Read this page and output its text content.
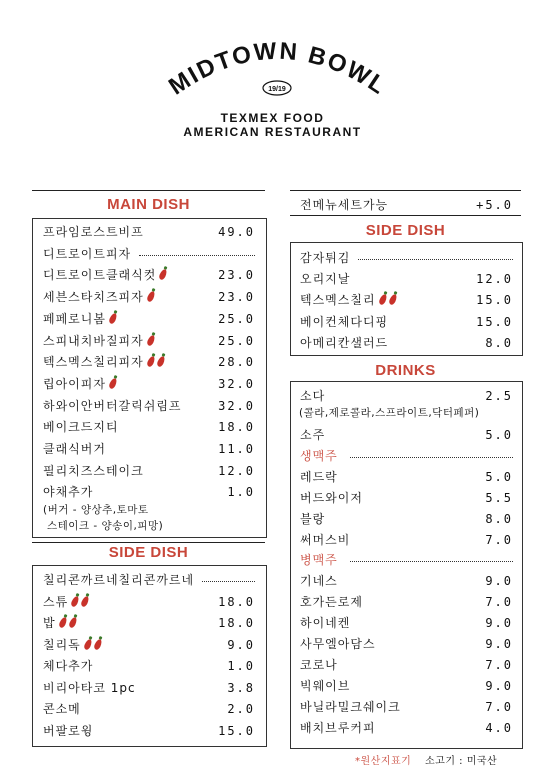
MIDTOWN BOWL
19/19
TEXMEX FOOD
AMERICAN RESTAURANT
MAIN DISH
프라임로스트비프	49.0
디트로이트피자
디트로이트클래식컷	23.0
세븐스타치즈피자	23.0
페페로니봄	25.0
스피내치바질피자	25.0
텍스멕스칠리피자	28.0
립아이피자	32.0
하와이안버터갈릭쉬림프	32.0
베이크드지티	18.0
클래식버거	11.0
필리치즈스테이크	12.0
야채추가	1.0
(버거 - 양상추,토마토
스테이크 - 양송이,피망)
SIDE DISH
칠리콘까르네칠리콘까르네
스튜	18.0
밥	18.0
칠리독	9.0
체다추가	1.0
비리아타코 1pc	3.8
콘소메	2.0
버팔로윙	15.0
전메뉴세트가능	+5.0
SIDE DISH
감자튀김
오리지날	12.0
텍스멕스칠리	15.0
베이컨체다디핑	15.0
아메리칸샐러드	8.0
DRINKS
소다	2.5
(콜라,제로콜라,스프라이트,닥터페퍼)
소주	5.0
생맥주
레드락	5.0
버드와이저	5.5
블랑	8.0
써머스비	7.0
병맥주
기네스	9.0
호가든로제	7.0
하이네켄	9.0
사무엘아담스	9.0
코로나	7.0
빅웨이브	9.0
바닐라밀크쉐이크	7.0
배치브루커피	4.0
*원산지표기 소고기 : 미국산
